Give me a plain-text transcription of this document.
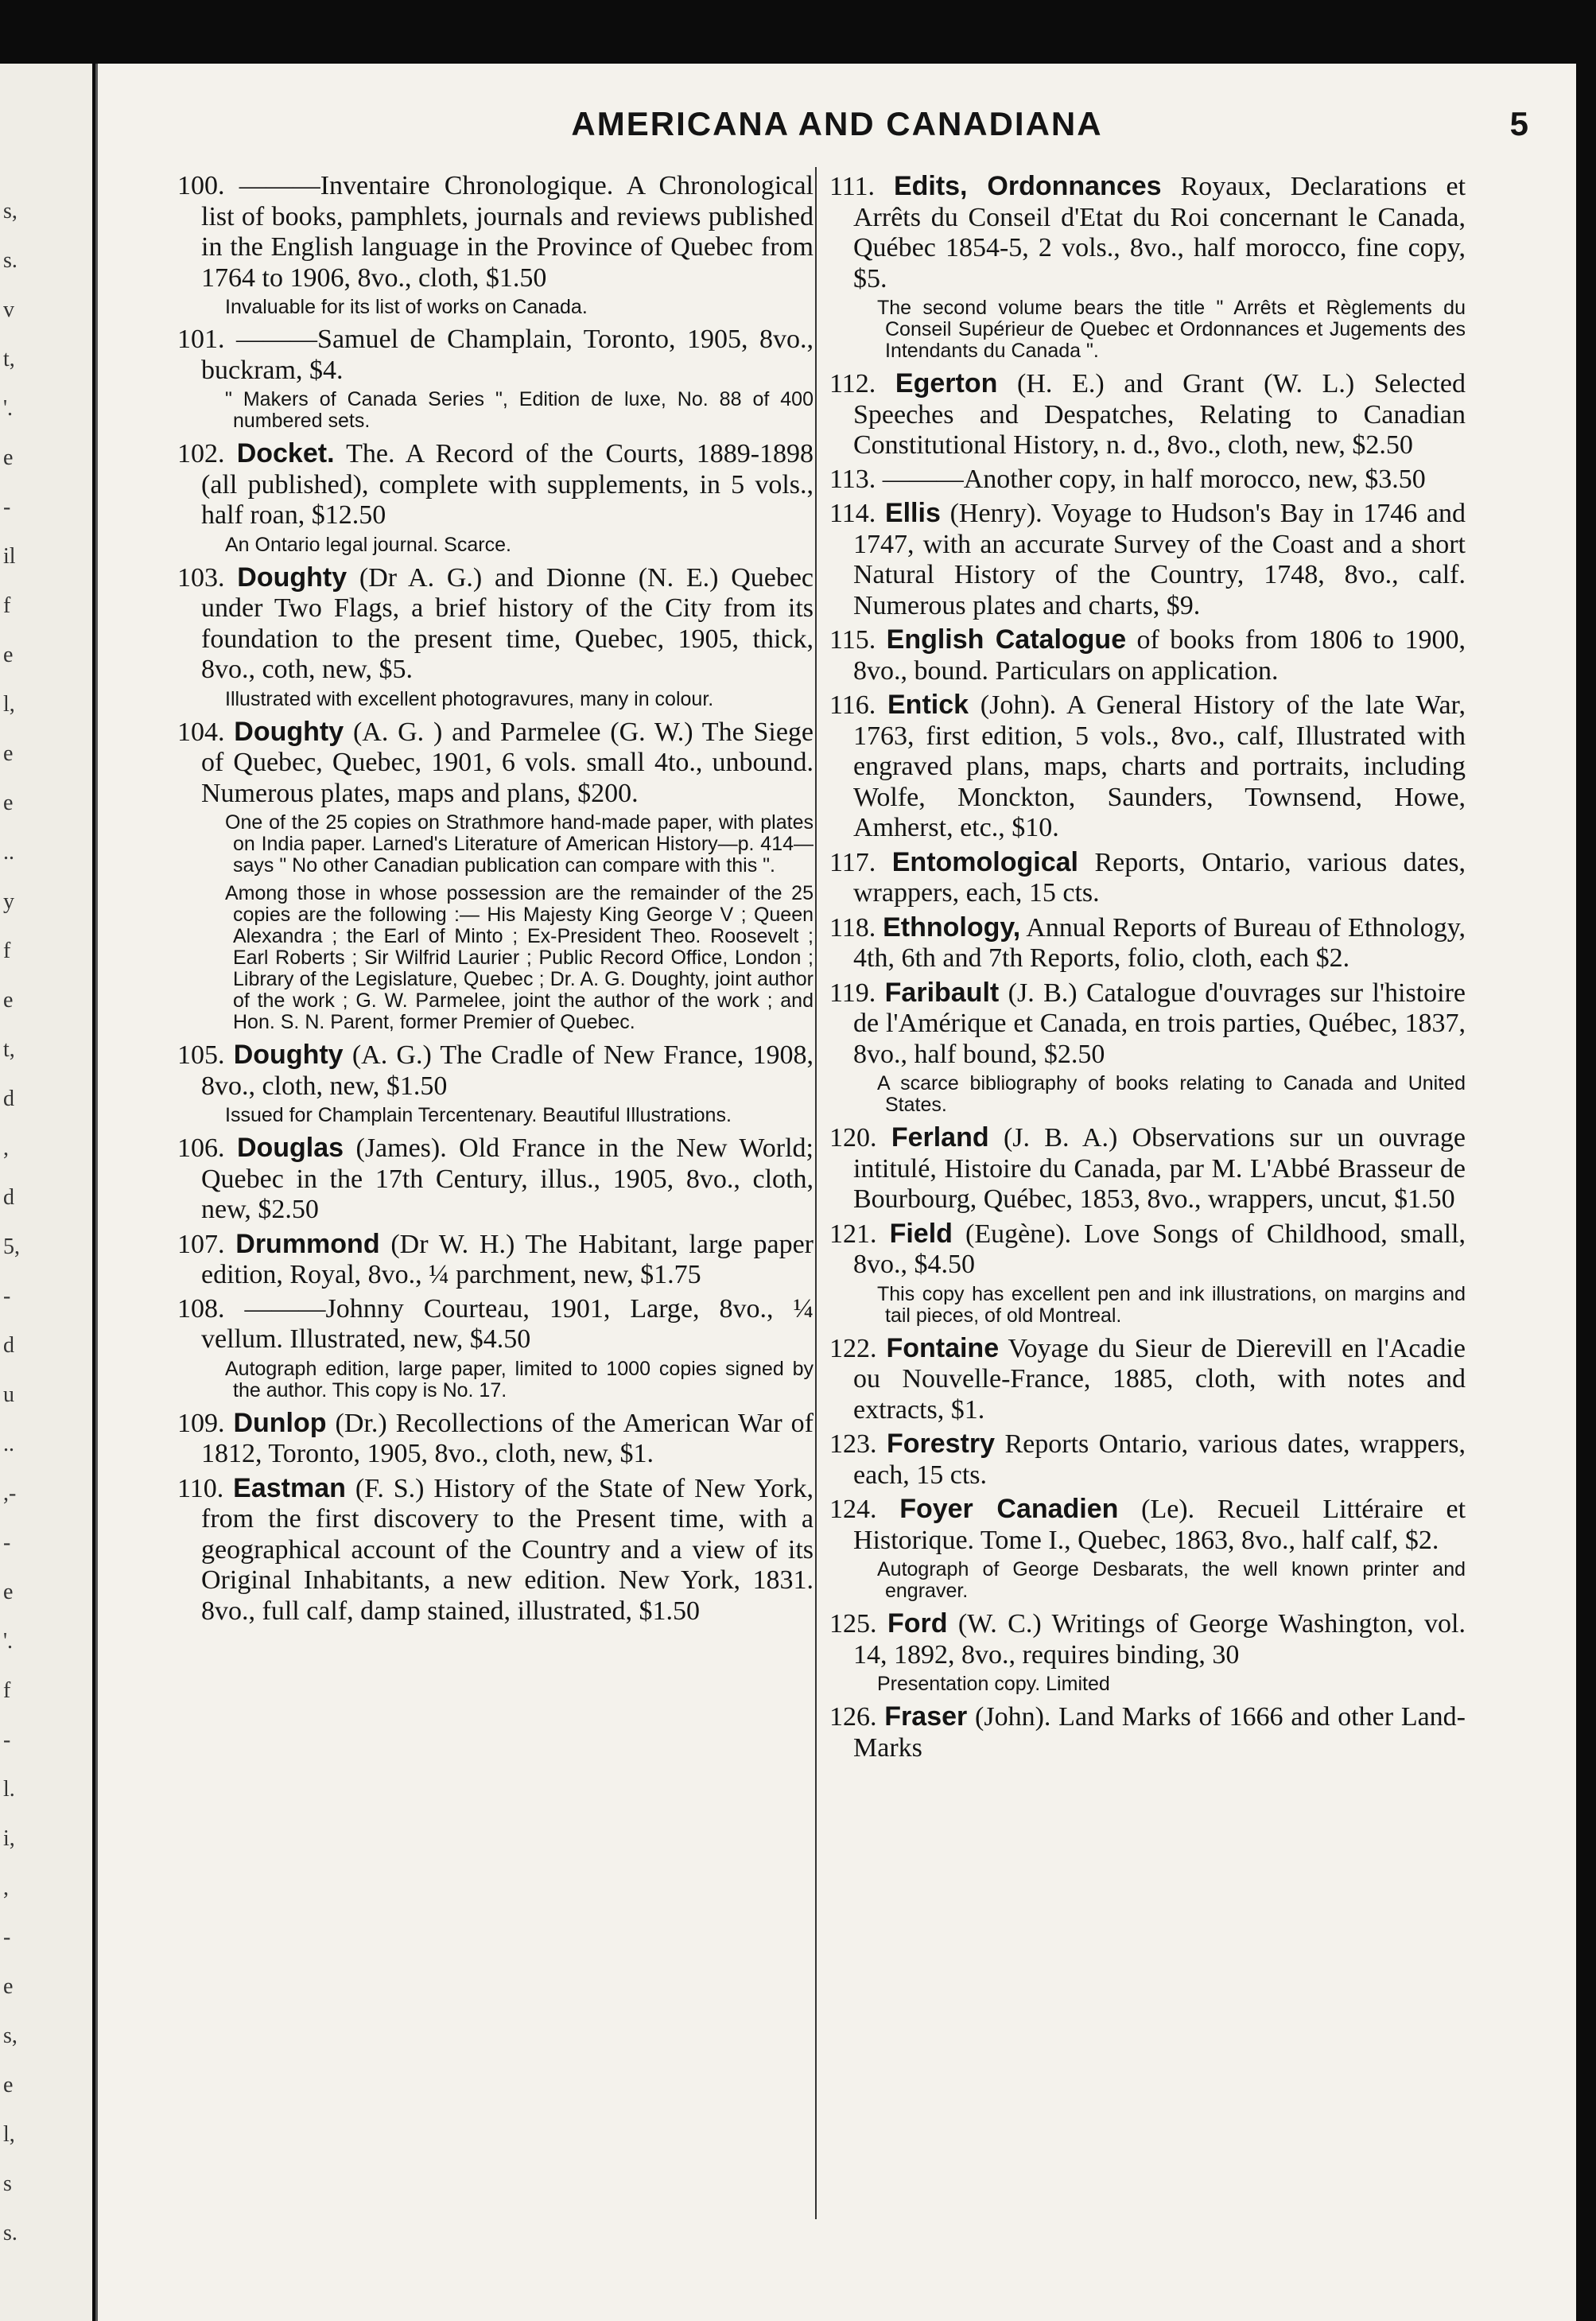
s,
s.
v
t,
'.
e
-
il
f
e
l,
e
e
..
y
f
e
t,
d
,
d
5,
-
d
u
..
,-
-
e
'.
f
-
l.
i,
,
-
e
s,
e
l,
s
s.
AMERICANA AND CANADIANA	5

100. ———Inventaire Chronologique. A Chronological list of books, pamphlets, journals and reviews published in the English language in the Province of Quebec from 1764 to 1906, 8vo., cloth, $1.50

Invaluable for its list of works on Canada.

101. ———Samuel de Champlain, Toronto, 1905, 8vo., buckram, $4.

" Makers of Canada Series ", Edition de luxe, No. 88 of 400 numbered sets.

102. Docket. The. A Record of the Courts, 1889-1898 (all published), complete with supplements, in 5 vols., half roan, $12.50

An Ontario legal journal. Scarce.

103. Doughty (Dr A. G.) and Dionne (N. E.) Quebec under Two Flags, a brief history of the City from its foundation to the present time, Quebec, 1905, thick, 8vo., coth, new, $5.

Illustrated with excellent photogravures, many in colour.

104. Doughty (A. G. ) and Parmelee (G. W.) The Siege of Quebec, Quebec, 1901, 6 vols. small 4to., unbound. Numerous plates, maps and plans, $200.

One of the 25 copies on Strathmore hand-made paper, with plates on India paper. Larned's Literature of American History—p. 414—says " No other Canadian publication can compare with this ".
Among those in whose possession are the remainder of the 25 copies are the following :— His Majesty King George V ; Queen Alexandra ; the Earl of Minto ; Ex-President Theo. Roosevelt ; Earl Roberts ; Sir Wilfrid Laurier ; Public Record Office, London ; Library of the Legislature, Quebec ; Dr. A. G. Doughty, joint author of the work ; G. W. Parmelee, joint the author of the work ; and Hon. S. N. Parent, former Premier of Quebec.

105. Doughty (A. G.) The Cradle of New France, 1908, 8vo., cloth, new, $1.50

Issued for Champlain Tercentenary. Beautiful Illustrations.

106. Douglas (James). Old France in the New World; Quebec in the 17th Century, illus., 1905, 8vo., cloth, new, $2.50

107. Drummond (Dr W. H.) The Habitant, large paper edition, Royal, 8vo., ¼ parchment, new, $1.75

108. ———Johnny Courteau, 1901, Large, 8vo., ¼ vellum. Illustrated, new, $4.50

Autograph edition, large paper, limited to 1000 copies signed by the author. This copy is No. 17.

109. Dunlop (Dr.) Recollections of the American War of 1812, Toronto, 1905, 8vo., cloth, new, $1.

110. Eastman (F. S.) History of the State of New York, from the first discovery to the Present time, with a geographical account of the Country and a view of its Original Inhabitants, a new edition. New York, 1831. 8vo., full calf, damp stained, illustrated, $1.50

111. Edits, Ordonnances Royaux, Declarations et Arrêts du Conseil d'Etat du Roi concernant le Canada, Québec 1854-5, 2 vols., 8vo., half morocco, fine copy, $5.

The second volume bears the title " Arrêts et Règlements du Conseil Supérieur de Quebec et Ordonnances et Jugements des Intendants du Canada ".

112. Egerton (H. E.) and Grant (W. L.) Selected Speeches and Despatches, Relating to Canadian Constitutional History, n. d., 8vo., cloth, new, $2.50

113. ———Another copy, in half morocco, new, $3.50

114. Ellis (Henry). Voyage to Hudson's Bay in 1746 and 1747, with an accurate Survey of the Coast and a short Natural History of the Country, 1748, 8vo., calf. Numerous plates and charts, $9.

115. English Catalogue of books from 1806 to 1900, 8vo., bound. Particulars on application.

116. Entick (John). A General History of the late War, 1763, first edition, 5 vols., 8vo., calf, Illustrated with engraved plans, maps, charts and portraits, including Wolfe, Monckton, Saunders, Townsend, Howe, Amherst, etc., $10.

117. Entomological Reports, Ontario, various dates, wrappers, each, 15 cts.

118. Ethnology, Annual Reports of Bureau of Ethnology, 4th, 6th and 7th Reports, folio, cloth, each $2.

119. Faribault (J. B.) Catalogue d'ouvrages sur l'histoire de l'Amérique et Canada, en trois parties, Québec, 1837, 8vo., half bound, $2.50

A scarce bibliography of books relating to Canada and United States.

120. Ferland (J. B. A.) Observations sur un ouvrage intitulé, Histoire du Canada, par M. L'Abbé Brasseur de Bourbourg, Québec, 1853, 8vo., wrappers, uncut, $1.50

121. Field (Eugène). Love Songs of Childhood, small, 8vo., $4.50

This copy has excellent pen and ink illustrations, on margins and tail pieces, of old Montreal.

122. Fontaine Voyage du Sieur de Dierevill en l'Acadie ou Nouvelle-France, 1885, cloth, with notes and extracts, $1.

123. Forestry Reports Ontario, various dates, wrappers, each, 15 cts.

124. Foyer Canadien (Le). Recueil Littéraire et Historique. Tome I., Quebec, 1863, 8vo., half calf, $2.

Autograph of George Desbarats, the well known printer and engraver.

125. Ford (W. C.) Writings of George Washington, vol. 14, 1892, 8vo., requires binding, 30

Presentation copy. Limited

126. Fraser (John). Land Marks of 1666 and other Land-Marks
